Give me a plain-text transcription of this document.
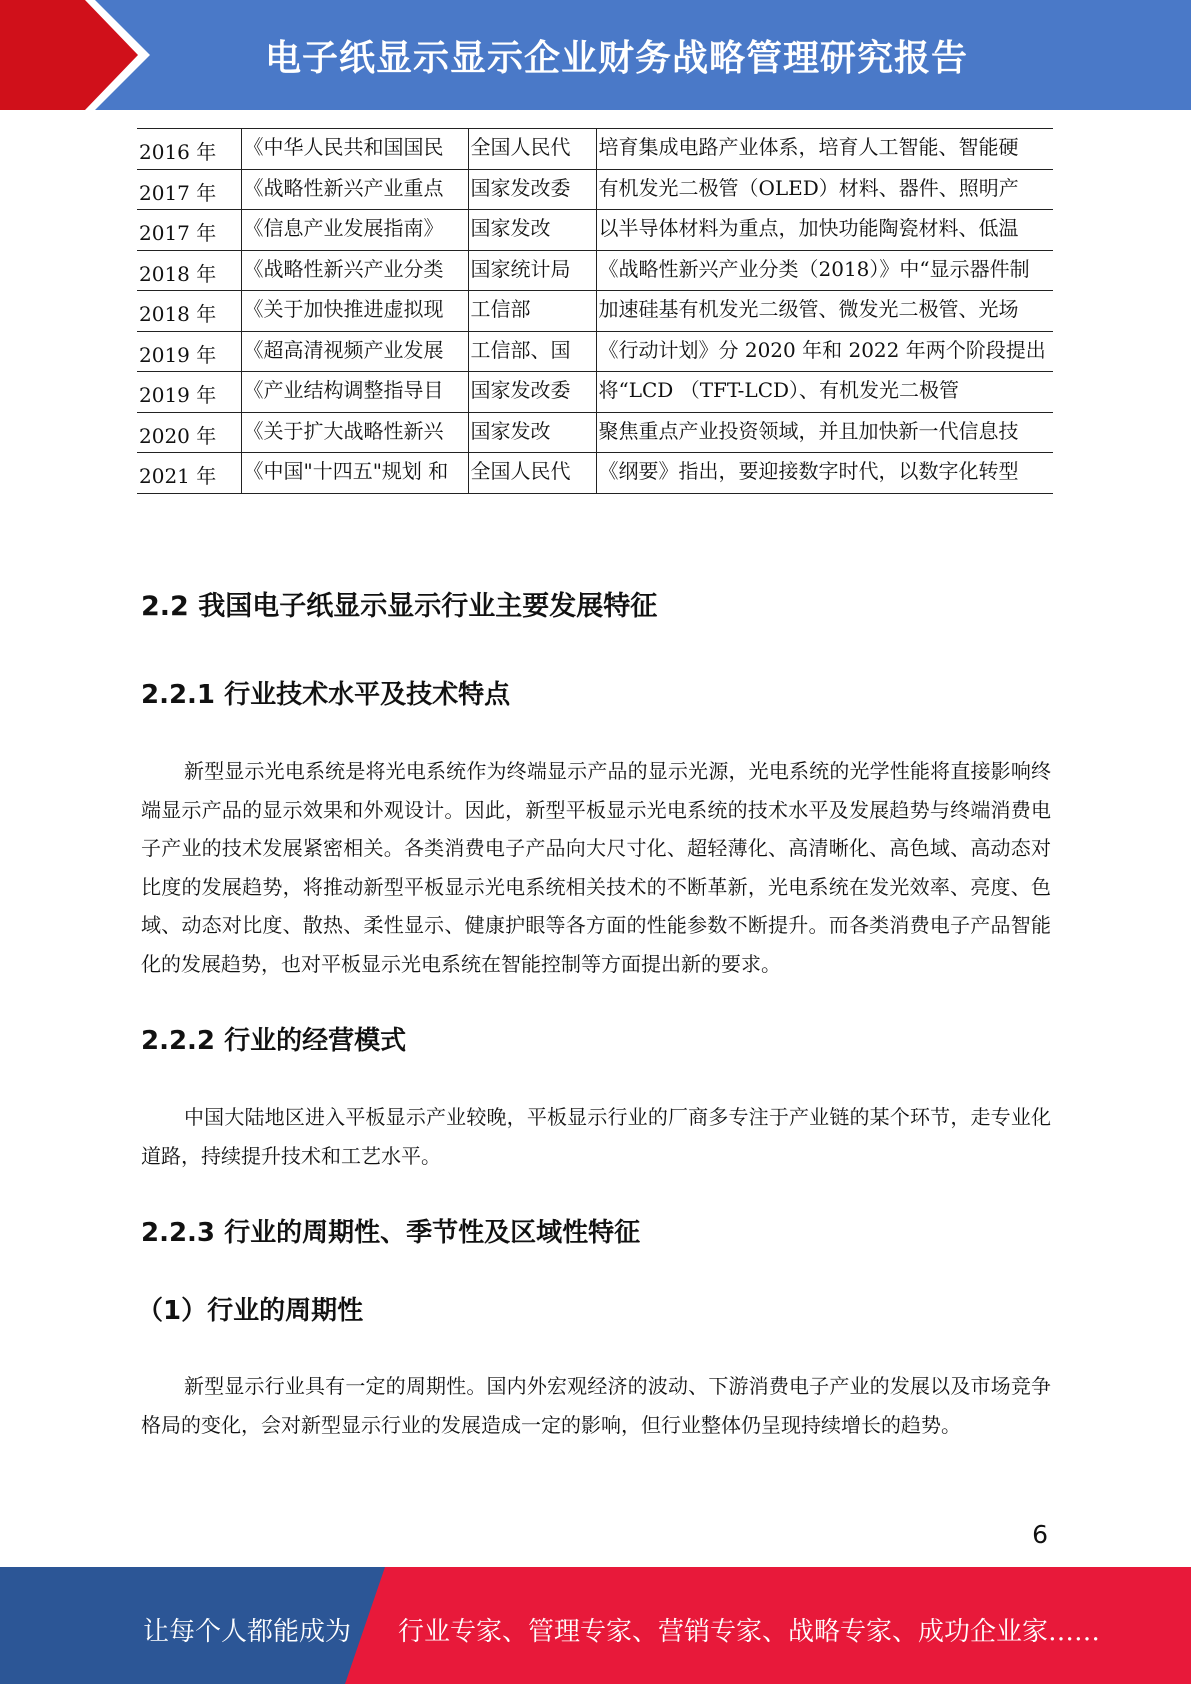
电子纸显示显示企业财务战略管理研究报告
2016 年	《中华人民共和国国民	全国人民代	培育集成电路产业体系，培育人工智能、智能硬
2017 年	《战略性新兴产业重点	国家发改委	有机发光二极管（OLED）材料、器件、照明产
2017 年	《信息产业发展指南》	国家发改	以半导体材料为重点，加快功能陶瓷材料、低温
2018 年	《战略性新兴产业分类	国家统计局	《战略性新兴产业分类（2018）》中“显示器件制
2018 年	《关于加快推进虚拟现	工信部	加速硅基有机发光二级管、微发光二极管、光场
2019 年	《超高清视频产业发展	工信部、国	《行动计划》分 2020 年和 2022 年两个阶段提出
2019 年	《产业结构调整指导目	国家发改委	将“LCD （TFT-LCD）、有机发光二极管
2020 年	《关于扩大战略性新兴	国家发改	聚焦重点产业投资领域，并且加快新一代信息技
2021 年	《中国"十四五"规划 和	全国人民代	《纲要》指出，要迎接数字时代，以数字化转型
2.2 我国电子纸显示显示行业主要发展特征
2.2.1 行业技术水平及技术特点
新型显示光电系统是将光电系统作为终端显示产品的显示光源，光电系统的光学性能将直接影响终端显示产品的显示效果和外观设计。因此，新型平板显示光电系统的技术水平及发展趋势与终端消费电子产业的技术发展紧密相关。各类消费电子产品向大尺寸化、超轻薄化、高清晰化、高色域、高动态对比度的发展趋势，将推动新型平板显示光电系统相关技术的不断革新，光电系统在发光效率、亮度、色域、动态对比度、散热、柔性显示、健康护眼等各方面的性能参数不断提升。而各类消费电子产品智能化的发展趋势，也对平板显示光电系统在智能控制等方面提出新的要求。
2.2.2 行业的经营模式
中国大陆地区进入平板显示产业较晚，平板显示行业的厂商多专注于产业链的某个环节，走专业化道路，持续提升技术和工艺水平。
2.2.3 行业的周期性、季节性及区域性特征
（1）行业的周期性
新型显示行业具有一定的周期性。国内外宏观经济的波动、下游消费电子产业的发展以及市场竞争格局的变化，会对新型显示行业的发展造成一定的影响，但行业整体仍呈现持续增长的趋势。
6
让每个人都能成为 行业专家、管理专家、营销专家、战略专家、成功企业家……
